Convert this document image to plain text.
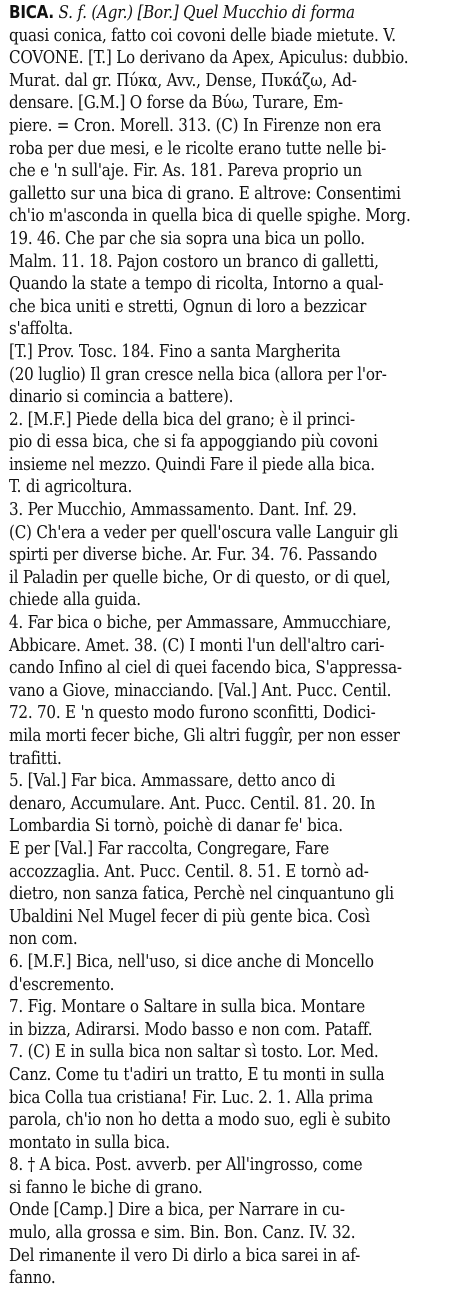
BICA. S. f. (Agr.) [Bor.] Quel Mucchio di forma
quasi conica, fatto coi covoni delle biade mietute. V.
COVONE. [T.] Lo derivano da Apex, Apiculus: dubbio.
Murat. dal gr. Πύκα, Avv., Dense, Πυκάζω, Ad-
densare. [G.M.] O forse da Βύω, Turare, Em-
piere. = Cron. Morell. 313. (C) In Firenze non era
roba per due mesi, e le ricolte erano tutte nelle bi-
che e 'n sull'aje. Fir. As. 181. Pareva proprio un
galletto sur una bica di grano. E altrove: Consentimi
ch'io m'asconda in quella bica di quelle spighe. Morg.
19. 46. Che par che sia sopra una bica un pollo.
Malm. 11. 18. Pajon costoro un branco di galletti,
Quando la state a tempo di ricolta, Intorno a qual-
che bica uniti e stretti, Ognun di loro a bezzicar
s'affolta.
[T.] Prov. Tosc. 184. Fino a santa Margherita
(20 luglio) Il gran cresce nella bica (allora per l'or-
dinario si comincia a battere).
2. [M.F.] Piede della bica del grano; è il princi-
pio di essa bica, che si fa appoggiando più covoni
insieme nel mezzo. Quindi Fare il piede alla bica.
T. di agricoltura.
3. Per Mucchio, Ammassamento. Dant. Inf. 29.
(C) Ch'era a veder per quell'oscura valle Languir gli
spirti per diverse biche. Ar. Fur. 34. 76. Passando
il Paladin per quelle biche, Or di questo, or di quel,
chiede alla guida.
4. Far bica o biche, per Ammassare, Ammucchiare,
Abbicare. Amet. 38. (C) I monti l'un dell'altro cari-
cando Infino al ciel di quei facendo bica, S'appressa-
vano a Giove, minacciando. [Val.] Ant. Pucc. Centil.
72. 70. E 'n questo modo furono sconfitti, Dodici-
mila morti fecer biche, Gli altri fuggîr, per non esser
trafitti.
5. [Val.] Far bica. Ammassare, detto anco di
denaro, Accumulare. Ant. Pucc. Centil. 81. 20. In
Lombardia Si tornò, poichè di danar fe' bica.
E per [Val.] Far raccolta, Congregare, Fare
accozzaglia. Ant. Pucc. Centil. 8. 51. E tornò ad-
dietro, non sanza fatica, Perchè nel cinquantuno gli
Ubaldini Nel Mugel fecer di più gente bica. Così
non com.
6. [M.F.] Bica, nell'uso, si dice anche di Moncello
d'escremento.
7. Fig. Montare o Saltare in sulla bica. Montare
in bizza, Adirarsi. Modo basso e non com. Pataff.
7. (C) E in sulla bica non saltar sì tosto. Lor. Med.
Canz. Come tu t'adiri un tratto, E tu monti in sulla
bica Colla tua cristiana! Fir. Luc. 2. 1. Alla prima
parola, ch'io non ho detta a modo suo, egli è subito
montato in sulla bica.
8. † A bica. Post. avverb. per All'ingrosso, come
si fanno le biche di grano.
Onde [Camp.] Dire a bica, per Narrare in cu-
mulo, alla grossa e sim. Bin. Bon. Canz. IV. 32.
Del rimanente il vero Di dirlo a bica sarei in af-
fanno.
